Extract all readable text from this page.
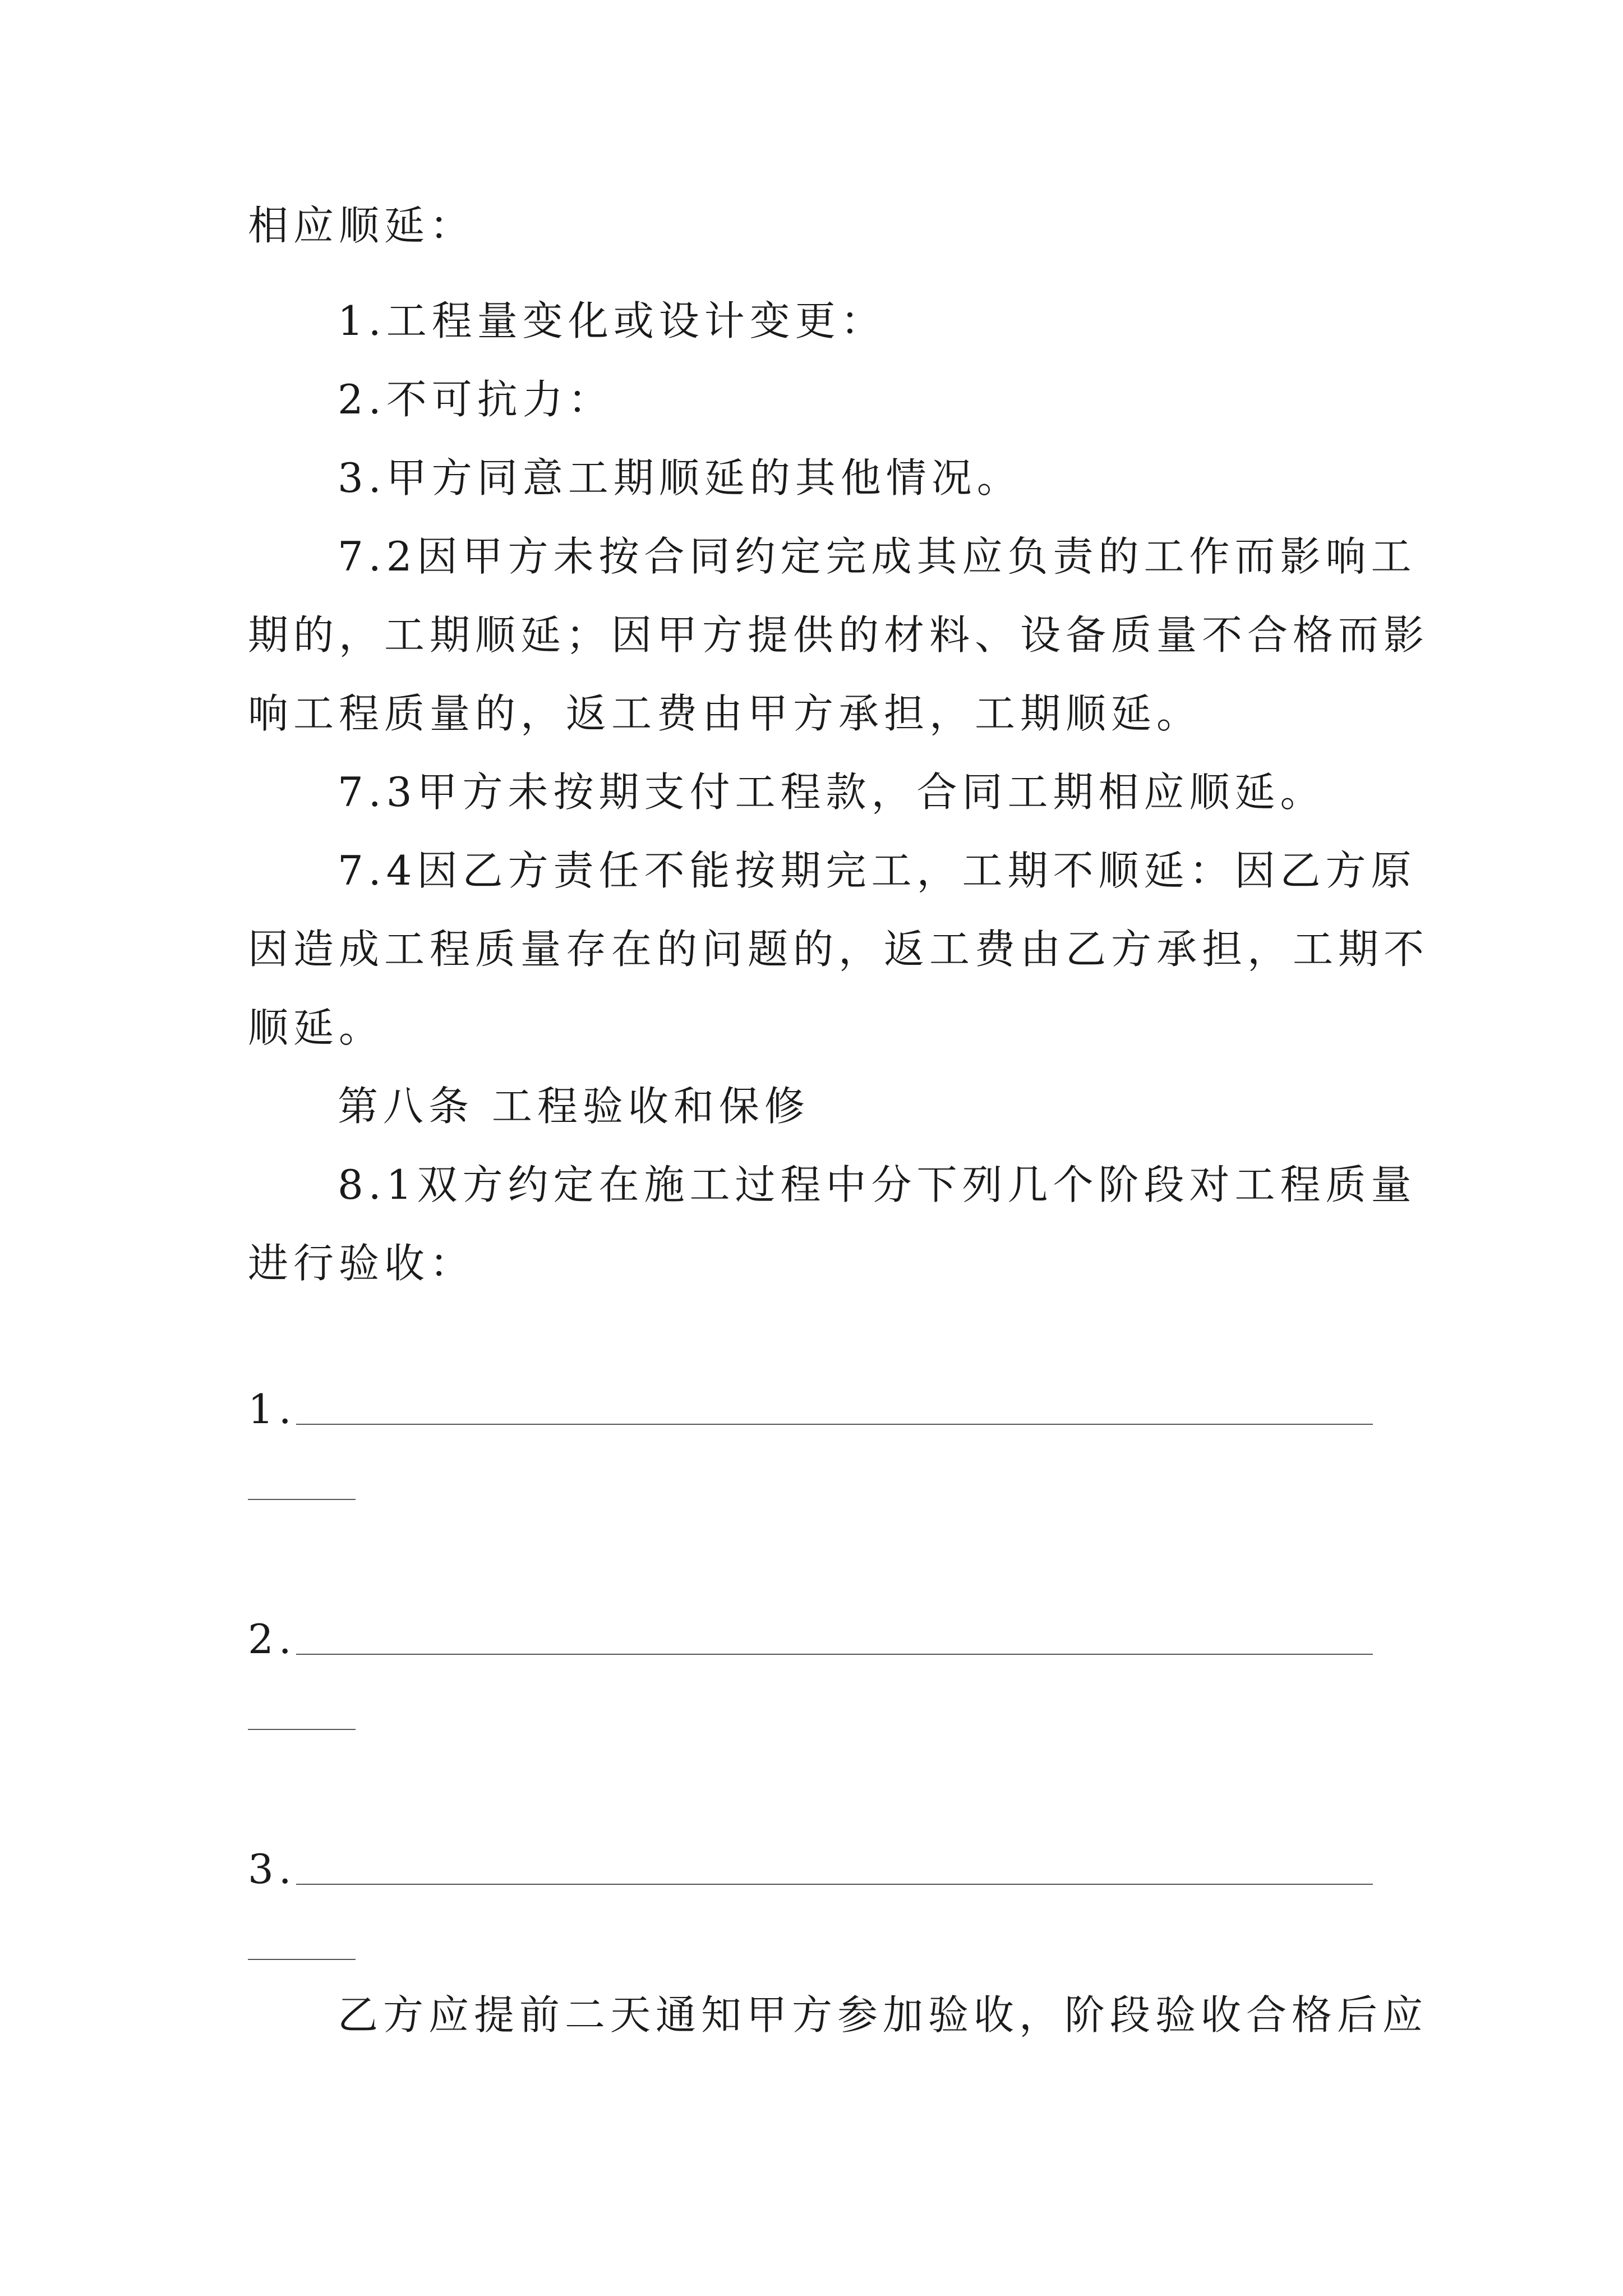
相应顺延：
1.工程量变化或设计变更：
2.不可抗力：
3.甲方同意工期顺延的其他情况。
7.2因甲方未按合同约定完成其应负责的工作而影响工
期的，工期顺延；因甲方提供的材料、设备质量不合格而影
响工程质量的，返工费由甲方承担，工期顺延。
7.3甲方未按期支付工程款，合同工期相应顺延。
7.4因乙方责任不能按期完工，工期不顺延：因乙方原
因造成工程质量存在的问题的，返工费由乙方承担，工期不
顺延。
第八条 工程验收和保修
8.1双方约定在施工过程中分下列几个阶段对工程质量
进行验收：
1.
2.
3.
乙方应提前二天通知甲方参加验收，阶段验收合格后应
